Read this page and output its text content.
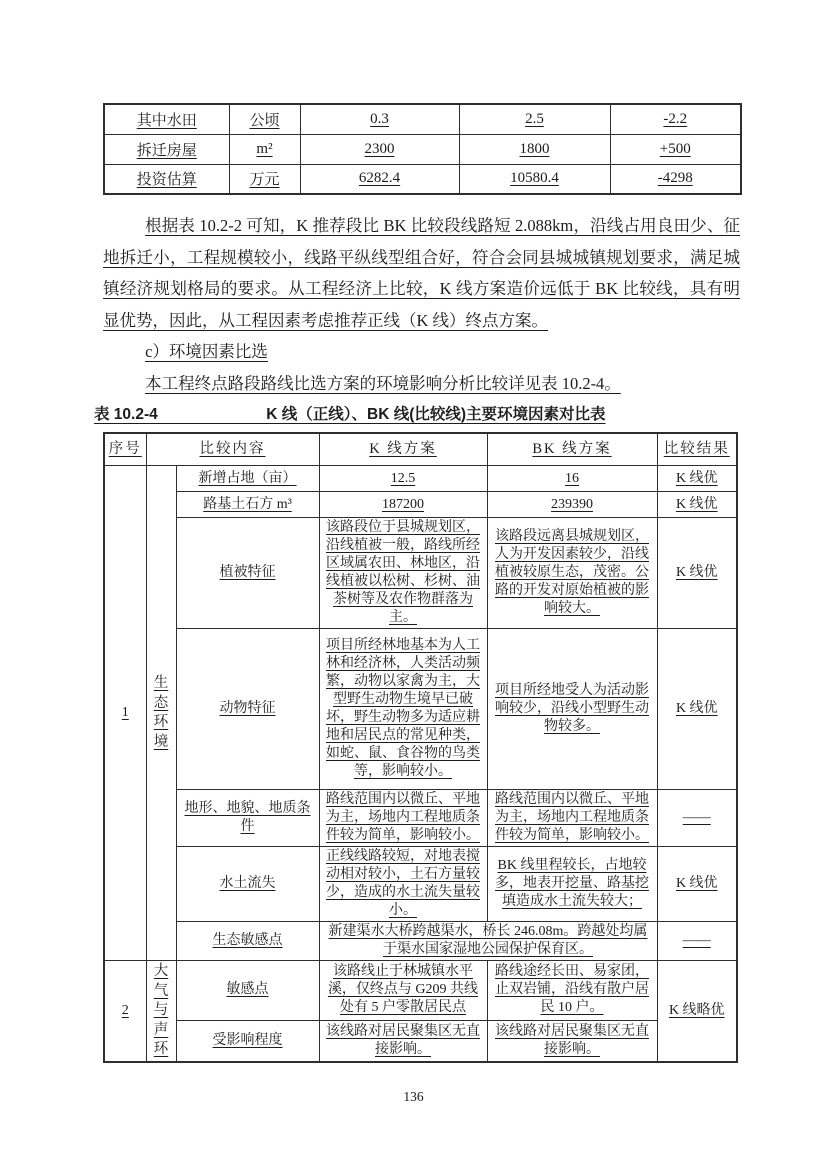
其中水田	公顷	0.3	2.5	-2.2
拆迁房屋	m²	2300	1800	+500
投资估算	万元	6282.4	10580.4	-4298

根据表 10.2-2 可知，K 推荐段比 BK 比较段线路短 2.088km，沿线占用良田少、征地拆迁小，工程规模较小，线路平纵线型组合好，符合会同县城城镇规划要求，满足城镇经济规划格局的要求。从工程经济上比较，K 线方案造价远低于 BK 比较线，具有明显优势，因此，从工程因素考虑推荐正线（K 线）终点方案。

c）环境因素比选

本工程终点路段路线比选方案的环境影响分析比较详见表 10.2-4。

表 10.2-4　　　　　　　K 线（正线）、BK 线(比较线)主要环境因素对比表

序号	比较内容		K 线方案	BK 线方案	比较结果
1	生态环境	新增占地（亩）	12.5	16	K 线优
		路基土石方 m³	187200	239390	K 线优
		植被特征	该路段位于县城规划区，沿线植被一般，路线所经区域属农田、林地区，沿线植被以松树、杉树、油茶树等及农作物群落为主。	该路段远离县城规划区，人为开发因素较少，沿线植被较原生态，茂密。公路的开发对原始植被的影响较大。	K 线优
		动物特征	项目所经林地基本为人工林和经济林，人类活动频繁，动物以家禽为主，大型野生动物生境早已破坏，野生动物多为适应耕地和居民点的常见种类，如蛇、鼠、食谷物的鸟类等，影响较小。	项目所经地受人为活动影响较少，沿线小型野生动物较多。	K 线优
		地形、地貌、地质条件	路线范围内以微丘、平地为主，场地内工程地质条件较为简单，影响较小。	路线范围内以微丘、平地为主，场地内工程地质条件较为简单，影响较小。	——
		水土流失	正线线路较短，对地表搅动相对较小，土石方量较少，造成的水土流失量较小。	BK 线里程较长，占地较多，地表开挖量、路基挖填造成水土流失较大；	K 线优
		生态敏感点	新建渠水大桥跨越渠水，桥长 246.08m。跨越处均属于渠水国家湿地公园保护保育区。		——
2	大气与声环	敏感点	该路线止于林城镇水平溪，仅终点与 G209 共线处有 5 户零散居民点	路线途经长田、易家团，止双岩铺，沿线有散户居民 10 户。	K 线略优
		受影响程度	该线路对居民聚集区无直接影响。	该线路对居民聚集区无直接影响。	
136
